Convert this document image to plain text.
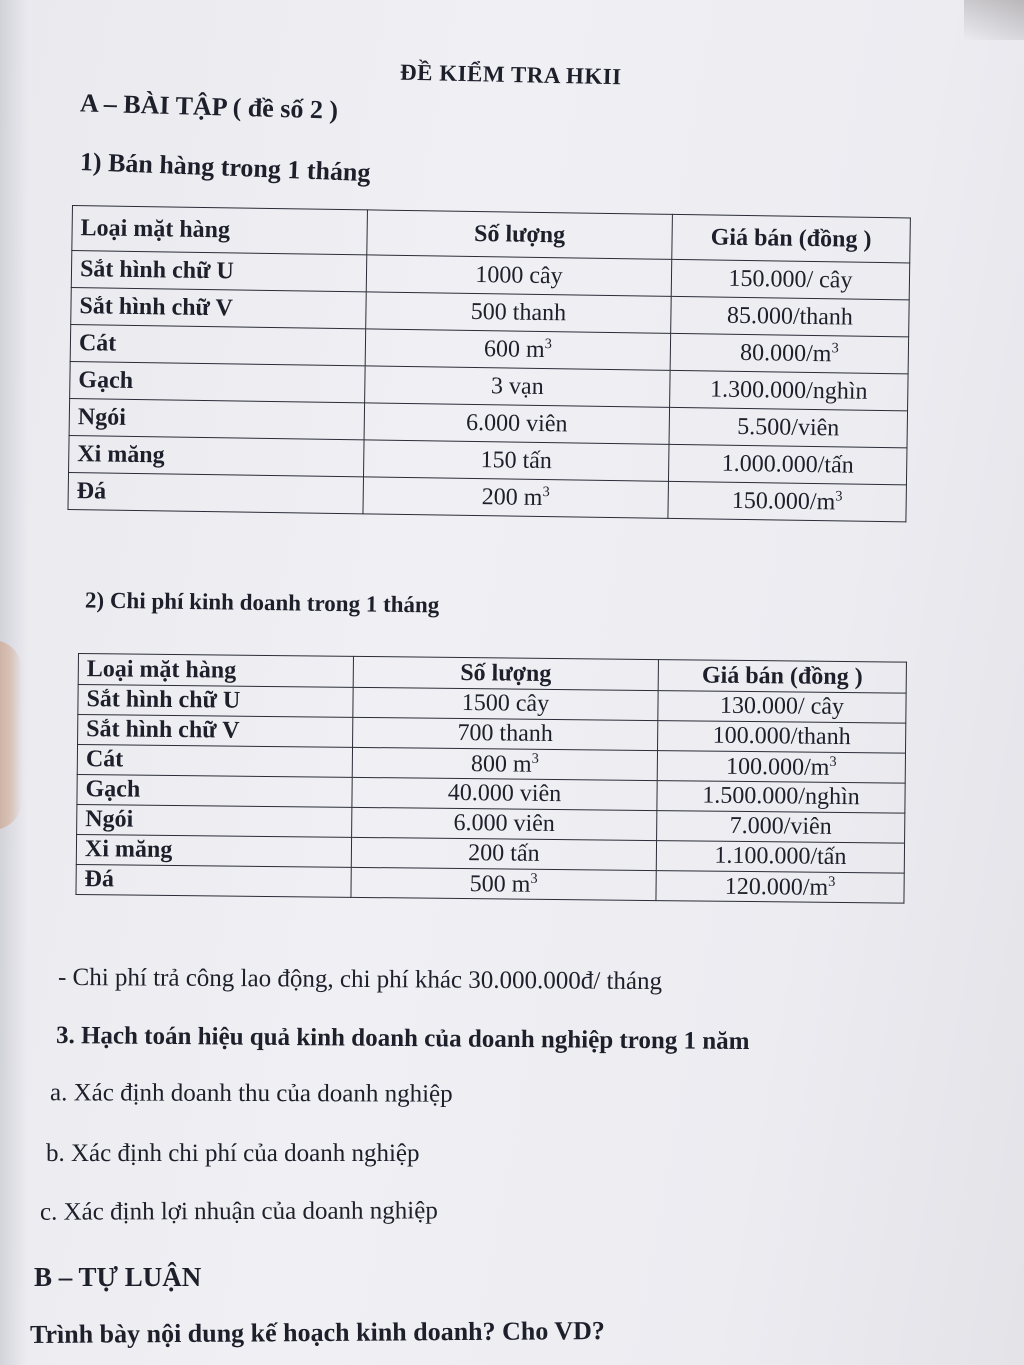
ĐỀ KIỂM TRA HKII
A – BÀI TẬP ( đề số 2 )
1) Bán hàng trong 1 tháng
Loại mặt hàng	Số lượng	Giá bán (đồng )
Sắt hình chữ U	1000 cây	150.000/ cây
Sắt hình chữ V	500 thanh	85.000/thanh
Cát	600 $m^3$	$80.000/m^3$
Gạch	3 vạn	1.300.000/nghìn
Ngói	6.000 viên	5.500/viên
Xi măng	150 tấn	1.000.000/tấn
Đá	200 $m^3$	$150.000/m^3$
2) Chi phí kinh doanh trong 1 tháng
Loại mặt hàng	Số lượng	Giá bán (đồng )
Sắt hình chữ U	1500 cây	130.000/ cây
Sắt hình chữ V	700 thanh	100.000/thanh
Cát	800 $m^3$	$100.000/m^3$
Gạch	40.000 viên	1.500.000/nghìn
Ngói	6.000 viên	7.000/viên
Xi măng	200 tấn	1.100.000/tấn
Đá	500 $m^3$	$120.000/m^3$
- Chi phí trả công lao động, chi phí khác 30.000.000đ/ tháng
3. Hạch toán hiệu quả kinh doanh của doanh nghiệp trong 1 năm
a. Xác định doanh thu của doanh nghiệp
b. Xác định chi phí của doanh nghiệp
c. Xác định lợi nhuận của doanh nghiệp
B – TỰ LUẬN
Trình bày nội dung kế hoạch kinh doanh? Cho VD?
